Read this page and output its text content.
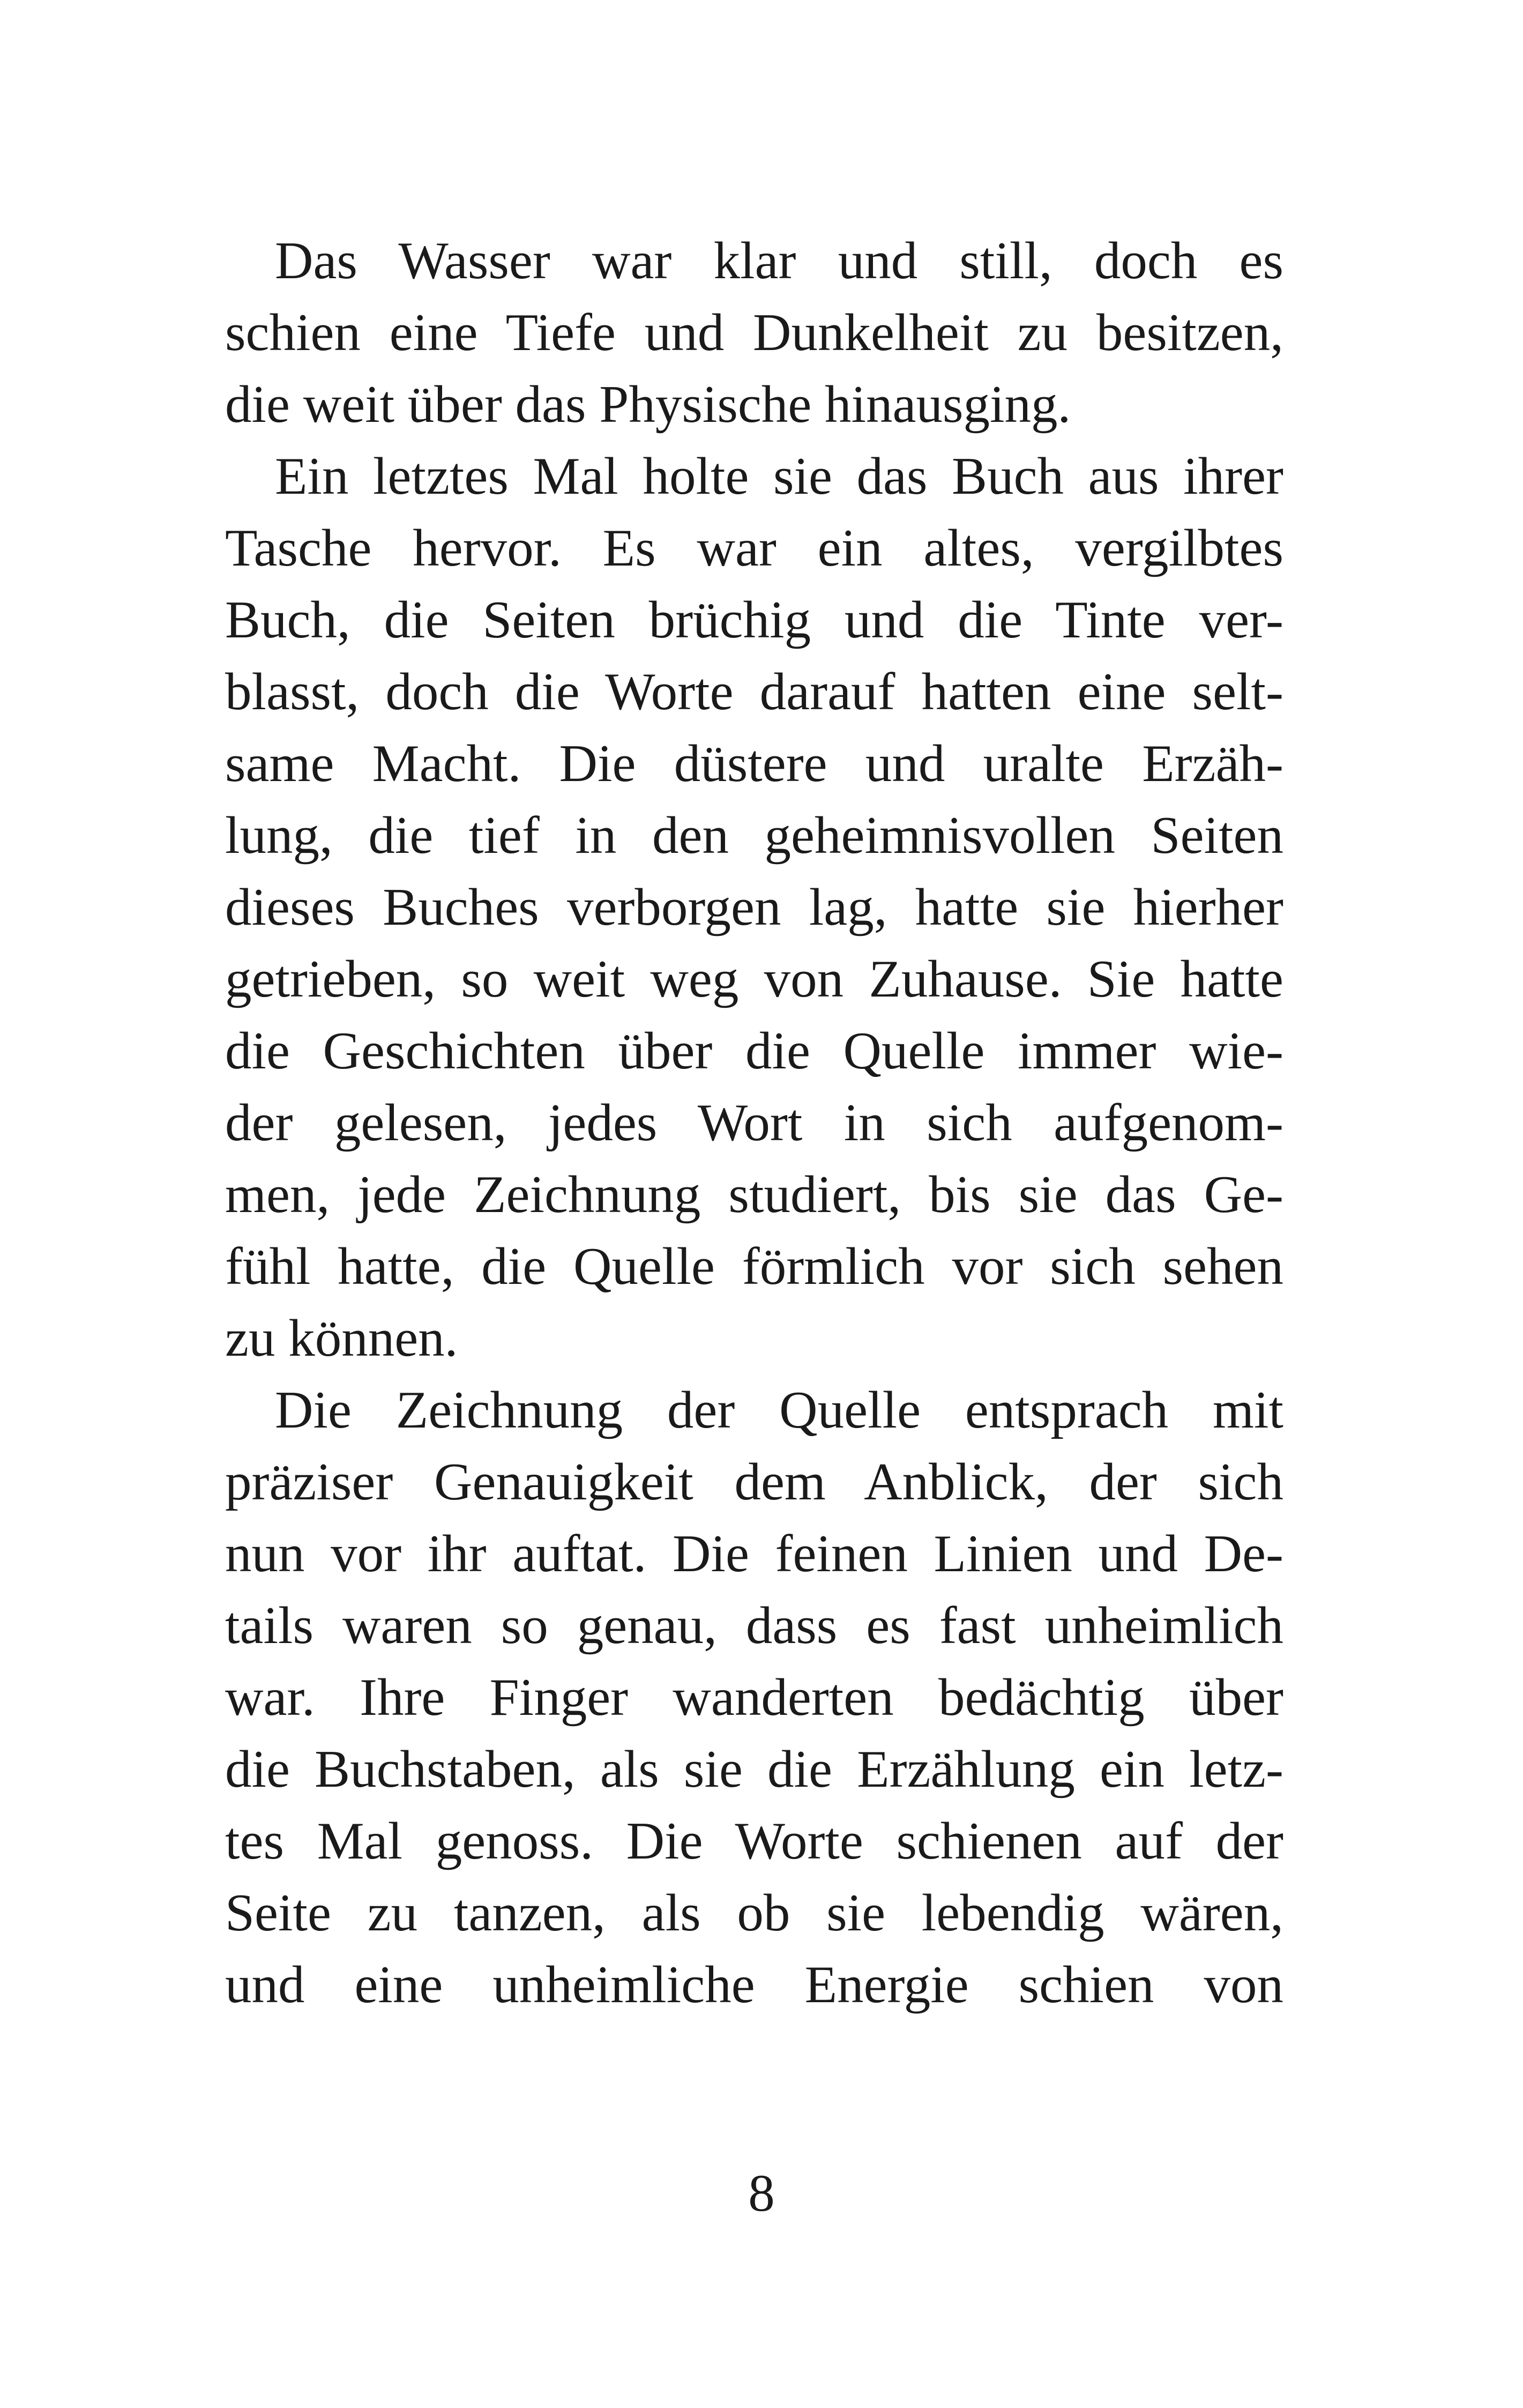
Das Wasser war klar und still, doch es
schien eine Tiefe und Dunkelheit zu besitzen,
die weit über das Physische hinausging.
Ein letztes Mal holte sie das Buch aus ihrer
Tasche hervor. Es war ein altes, vergilbtes
Buch, die Seiten brüchig und die Tinte ver-
blasst, doch die Worte darauf hatten eine selt-
same Macht. Die düstere und uralte Erzäh-
lung, die tief in den geheimnisvollen Seiten
dieses Buches verborgen lag, hatte sie hierher
getrieben, so weit weg von Zuhause. Sie hatte
die Geschichten über die Quelle immer wie-
der gelesen, jedes Wort in sich aufgenom-
men, jede Zeichnung studiert, bis sie das Ge-
fühl hatte, die Quelle förmlich vor sich sehen
zu können.
Die Zeichnung der Quelle entsprach mit
präziser Genauigkeit dem Anblick, der sich
nun vor ihr auftat. Die feinen Linien und De-
tails waren so genau, dass es fast unheimlich
war. Ihre Finger wanderten bedächtig über
die Buchstaben, als sie die Erzählung ein letz-
tes Mal genoss. Die Worte schienen auf der
Seite zu tanzen, als ob sie lebendig wären,
und eine unheimliche Energie schien von
8
